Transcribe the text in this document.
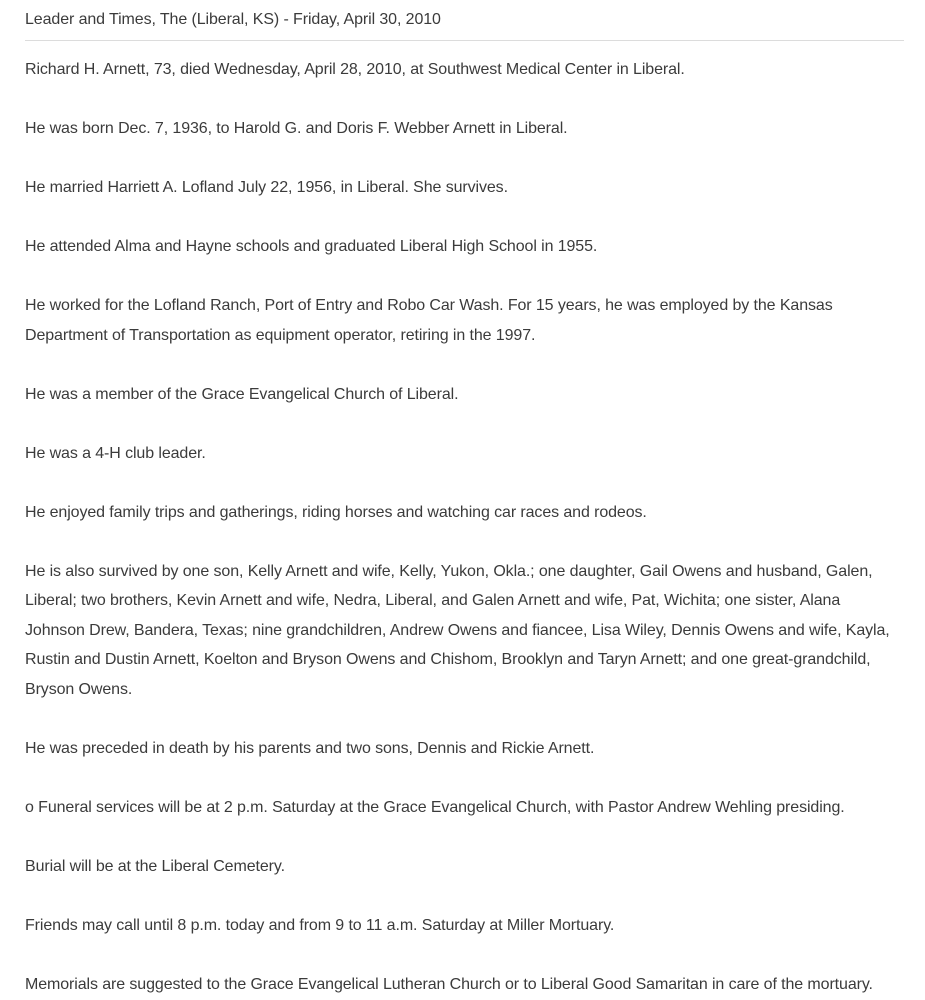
Leader and Times, The (Liberal, KS) - Friday, April 30, 2010

Richard H. Arnett, 73, died Wednesday, April 28, 2010, at Southwest Medical Center in Liberal.

He was born Dec. 7, 1936, to Harold G. and Doris F. Webber Arnett in Liberal.

He married Harriett A. Lofland July 22, 1956, in Liberal. She survives.

He attended Alma and Hayne schools and graduated Liberal High School in 1955.

He worked for the Lofland Ranch, Port of Entry and Robo Car Wash. For 15 years, he was employed by the Kansas Department of Transportation as equipment operator, retiring in the 1997.

He was a member of the Grace Evangelical Church of Liberal.

He was a 4-H club leader.

He enjoyed family trips and gatherings, riding horses and watching car races and rodeos.

He is also survived by one son, Kelly Arnett and wife, Kelly, Yukon, Okla.; one daughter, Gail Owens and husband, Galen, Liberal; two brothers, Kevin Arnett and wife, Nedra, Liberal, and Galen Arnett and wife, Pat, Wichita; one sister, Alana Johnson Drew, Bandera, Texas; nine grandchildren, Andrew Owens and fiancee, Lisa Wiley, Dennis Owens and wife, Kayla, Rustin and Dustin Arnett, Koelton and Bryson Owens and Chishom, Brooklyn and Taryn Arnett; and one great-grandchild, Bryson Owens.

He was preceded in death by his parents and two sons, Dennis and Rickie Arnett.

o Funeral services will be at 2 p.m. Saturday at the Grace Evangelical Church, with Pastor Andrew Wehling presiding.

Burial will be at the Liberal Cemetery.

Friends may call until 8 p.m. today and from 9 to 11 a.m. Saturday at Miller Mortuary.

Memorials are suggested to the Grace Evangelical Lutheran Church or to Liberal Good Samaritan in care of the mortuary.
